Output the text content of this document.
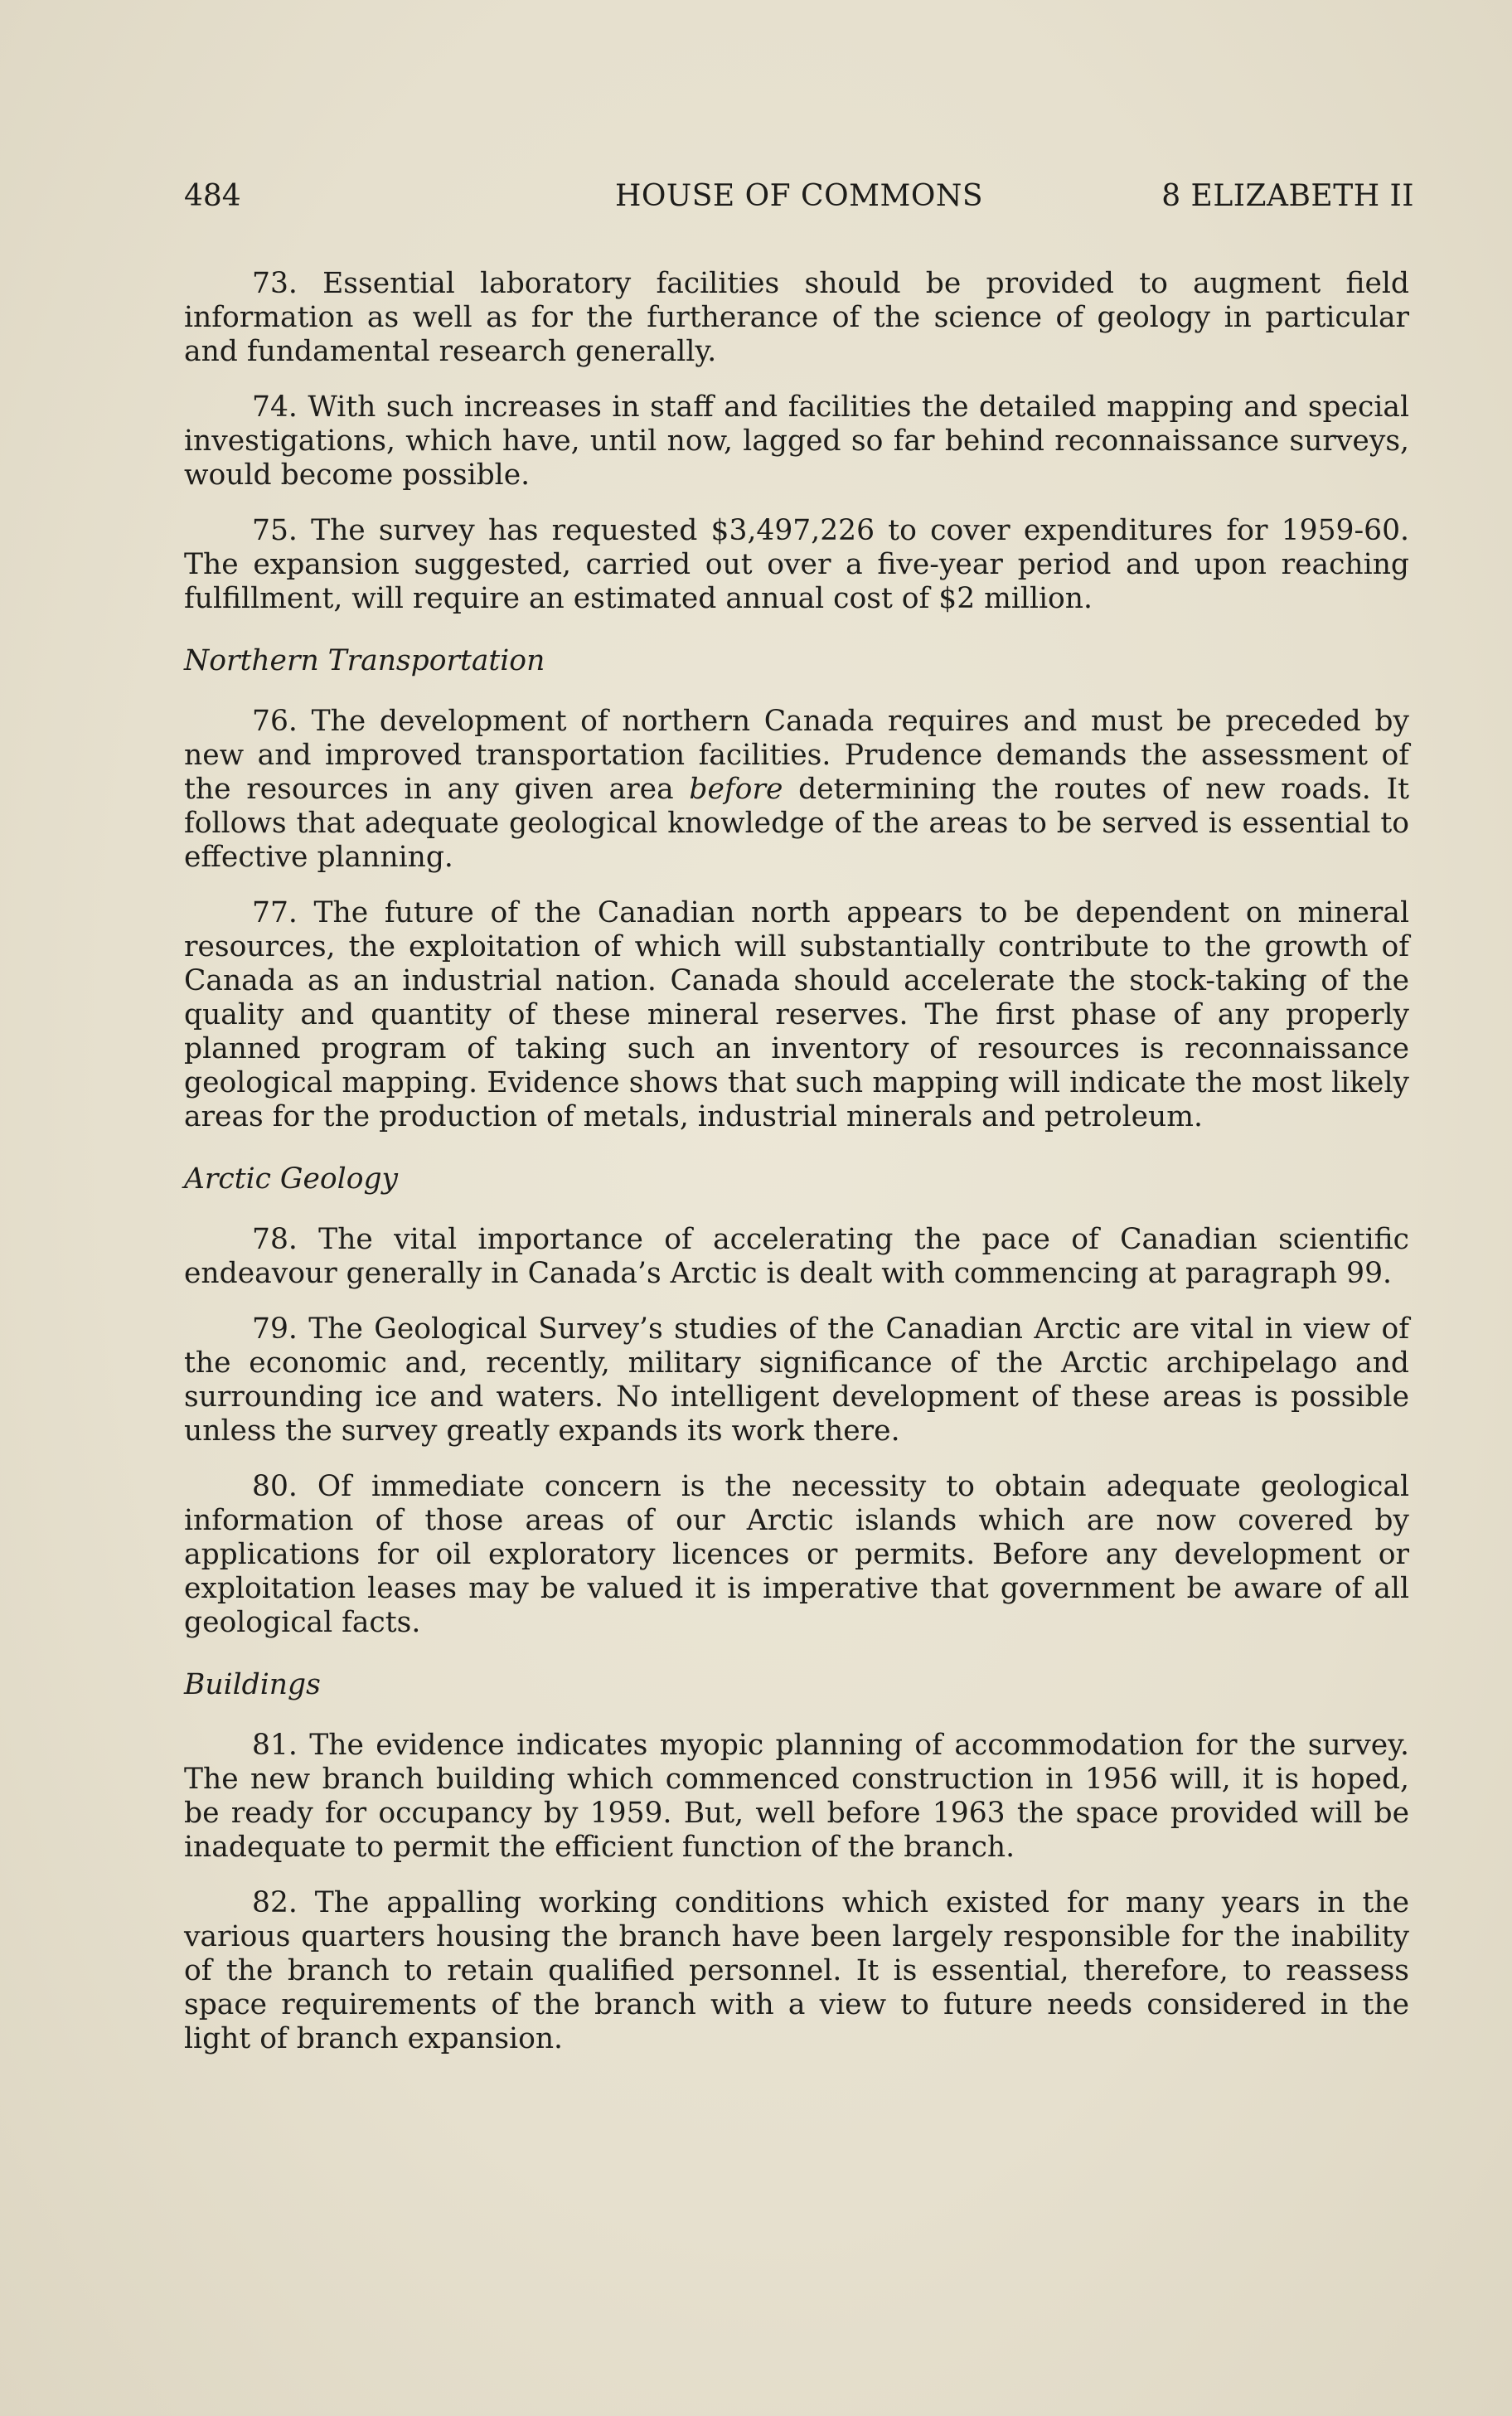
484	HOUSE OF COMMONS	8 ELIZABETH II

73. Essential laboratory facilities should be provided to augment field information as well as for the furtherance of the science of geology in particular and fundamental research generally.

74. With such increases in staff and facilities the detailed mapping and special investigations, which have, until now, lagged so far behind reconnaissance surveys, would become possible.

75. The survey has requested $3,497,226 to cover expenditures for 1959-60. The expansion suggested, carried out over a five-year period and upon reaching fulfillment, will require an estimated annual cost of $2 million.

Northern Transportation

76. The development of northern Canada requires and must be preceded by new and improved transportation facilities. Prudence demands the assessment of the resources in any given area before determining the routes of new roads. It follows that adequate geological knowledge of the areas to be served is essential to effective planning.

77. The future of the Canadian north appears to be dependent on mineral resources, the exploitation of which will substantially contribute to the growth of Canada as an industrial nation. Canada should accelerate the stock-taking of the quality and quantity of these mineral reserves. The first phase of any properly planned program of taking such an inventory of resources is reconnaissance geological mapping. Evidence shows that such mapping will indicate the most likely areas for the production of metals, industrial minerals and petroleum.

Arctic Geology

78. The vital importance of accelerating the pace of Canadian scientific endeavour generally in Canada’s Arctic is dealt with commencing at paragraph 99.

79. The Geological Survey’s studies of the Canadian Arctic are vital in view of the economic and, recently, military significance of the Arctic archipelago and surrounding ice and waters. No intelligent development of these areas is possible unless the survey greatly expands its work there.

80. Of immediate concern is the necessity to obtain adequate geological information of those areas of our Arctic islands which are now covered by applications for oil exploratory licences or permits. Before any development or exploitation leases may be valued it is imperative that government be aware of all geological facts.

Buildings

81. The evidence indicates myopic planning of accommodation for the survey. The new branch building which commenced construction in 1956 will, it is hoped, be ready for occupancy by 1959. But, well before 1963 the space provided will be inadequate to permit the efficient function of the branch.

82. The appalling working conditions which existed for many years in the various quarters housing the branch have been largely responsible for the inability of the branch to retain qualified personnel. It is essential, therefore, to reassess space requirements of the branch with a view to future needs considered in the light of branch expansion.
